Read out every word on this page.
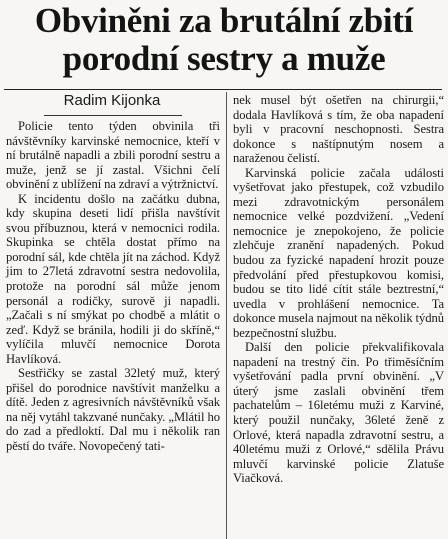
Obviněni za brutální zbití porodní sestry a muže
Radim Kijonka

Policie tento týden obvinila tři návštěvníky karvinské nemocnice, kteří v ní brutálně napadli a zbili porodní sestru a muže, jenž se jí zastal. Všichni čelí obvinění z ublížení na zdraví a výtržnictví.

K incidentu došlo na začátku dubna, kdy skupina deseti lidí přišla navštívit svou příbuznou, která v nemocnici rodila. Skupinka se chtěla dostat přímo na porodní sál, kde chtěla jít na záchod. Když jim to 27letá zdravotní sestra nedovolila, protože na porodní sál může jenom personál a rodičky, surově ji napadli. „Začali s ní smýkat po chodbě a mlátit o zeď. Když se bránila, hodili ji do skříně,“ vylíčila mluvčí nemocnice Dorota Havlíková.

Sestřičky se zastal 32letý muž, který přišel do porodnice navštívit manželku a dítě. Jeden z agresivních návštěvníků však na něj vytáhl takzvané nunčaky. „Mlátil ho do zad a předloktí. Dal mu i několik ran pěstí do tváře. Novopečený tati-

nek musel být ošetřen na chirurgii,“ dodala Havlíková s tím, že oba napadení byli v pracovní neschopnosti. Sestra dokonce s naštípnutým nosem a naraženou čelistí.

Karvinská policie začala události vyšetřovat jako přestupek, což vzbudilo mezi zdravotnickým personálem nemocnice velké pozdvižení. „Vedení nemocnice je znepokojeno, že policie zlehčuje zranění napadených. Pokud budou za fyzické napadení hrozit pouze předvolání před přestupkovou komisi, budou se tito lidé cítit stále beztrestní,“ uvedla v prohlášení nemocnice. Ta dokonce musela najmout na několik týdnů bezpečnostní službu.

Další den policie překvalifikovala napadení na trestný čin. Po třiměsíčním vyšetřování padla první obvinění. „V úterý jsme zaslali obvinění třem pachatelům – 16letému muži z Karviné, který použil nunčaky, 36leté ženě z Orlové, která napadla zdravotní sestru, a 40letému muži z Orlové,“ sdělila Právu mluvčí karvinské policie Zlatuše Viačková.
